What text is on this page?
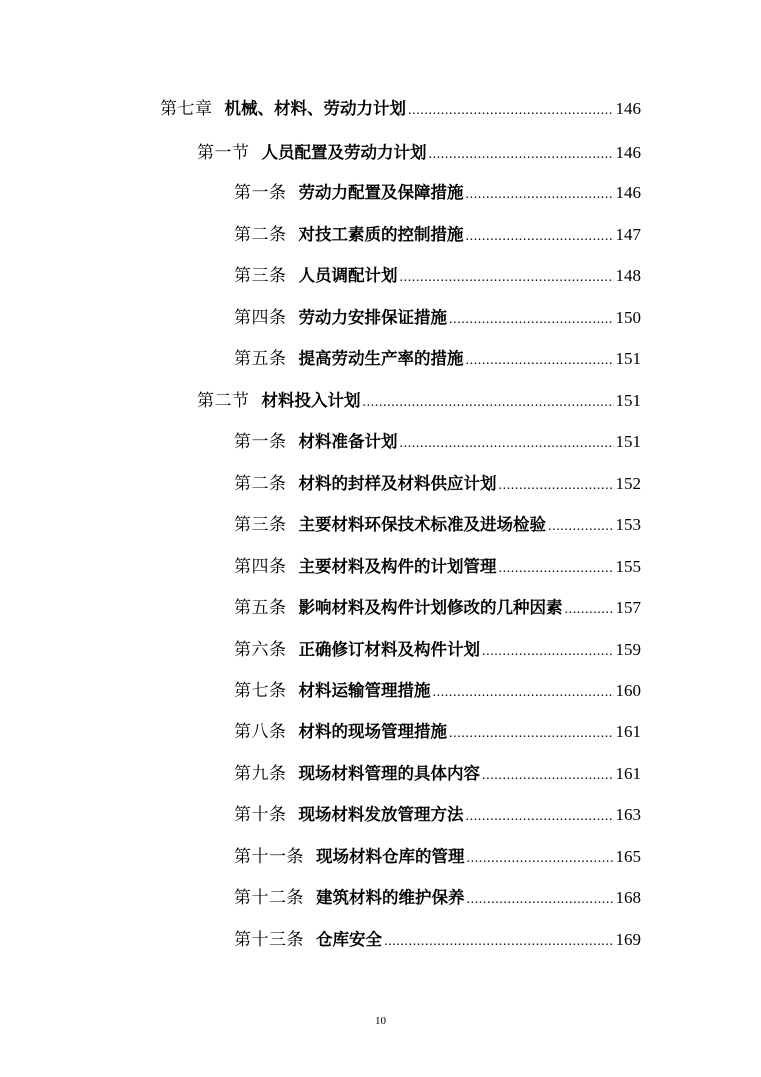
第七章 机械、材料、劳动力计划 .....	146
第一节 人员配置及劳动力计划 .....	146
第一条 劳动力配置及保障措施 .....	146
第二条 对技工素质的控制措施 .....	147
第三条 人员调配计划 .....	148
第四条 劳动力安排保证措施 .....	150
第五条 提高劳动生产率的措施 .....	151
第二节 材料投入计划 .....	151
第一条 材料准备计划 .....	151
第二条 材料的封样及材料供应计划 .....	152
第三条 主要材料环保技术标准及进场检验 .....	153
第四条 主要材料及构件的计划管理 .....	155
第五条 影响材料及构件计划修改的几种因素 .....	157
第六条 正确修订材料及构件计划 .....	159
第七条 材料运输管理措施 .....	160
第八条 材料的现场管理措施 .....	161
第九条 现场材料管理的具体内容 .....	161
第十条 现场材料发放管理方法 .....	163
第十一条 现场材料仓库的管理 .....	165
第十二条 建筑材料的维护保养 .....	168
第十三条 仓库安全 .....	169
10
